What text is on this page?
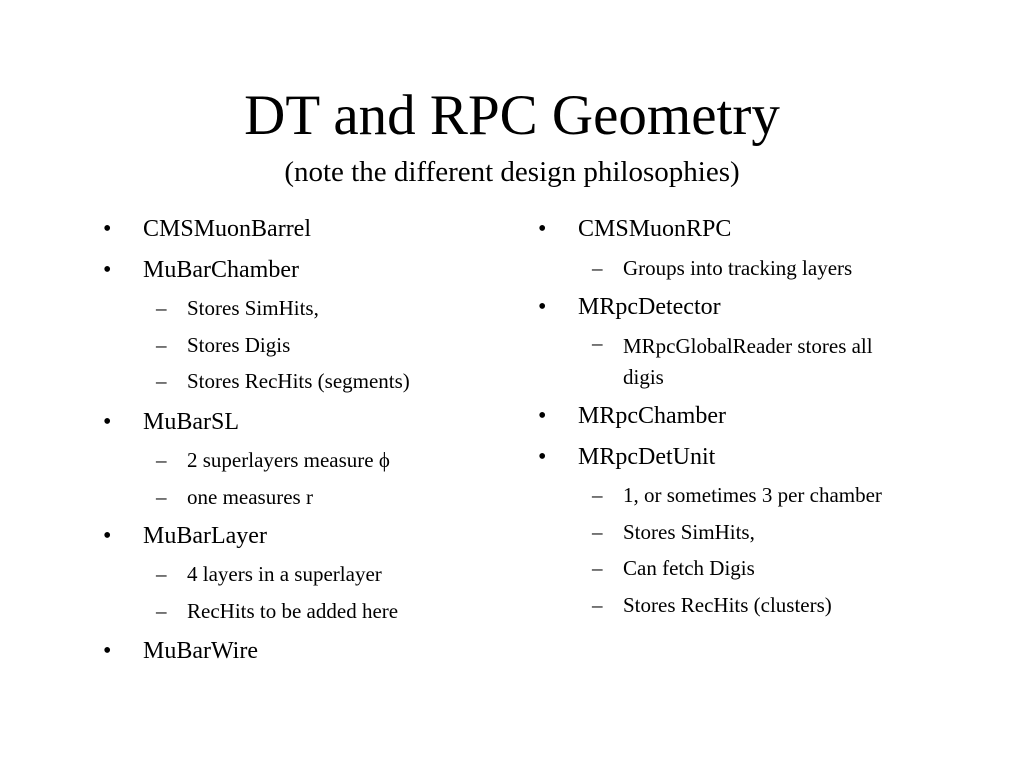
DT and RPC Geometry
(note the different design philosophies)
• CMSMuonBarrel
• MuBarChamber
– Stores SimHits,
– Stores Digis
– Stores RecHits (segments)
• MuBarSL
– 2 superlayers measure ϕ
– one measures r
• MuBarLayer
– 4 layers in a superlayer
– RecHits to be added here
• MuBarWire
• CMSMuonRPC
– Groups into tracking layers
• MRpcDetector
– MRpcGlobalReader stores all
digis
• MRpcChamber
• MRpcDetUnit
– 1, or sometimes 3 per chamber
– Stores SimHits,
– Can fetch Digis
– Stores RecHits (clusters)
